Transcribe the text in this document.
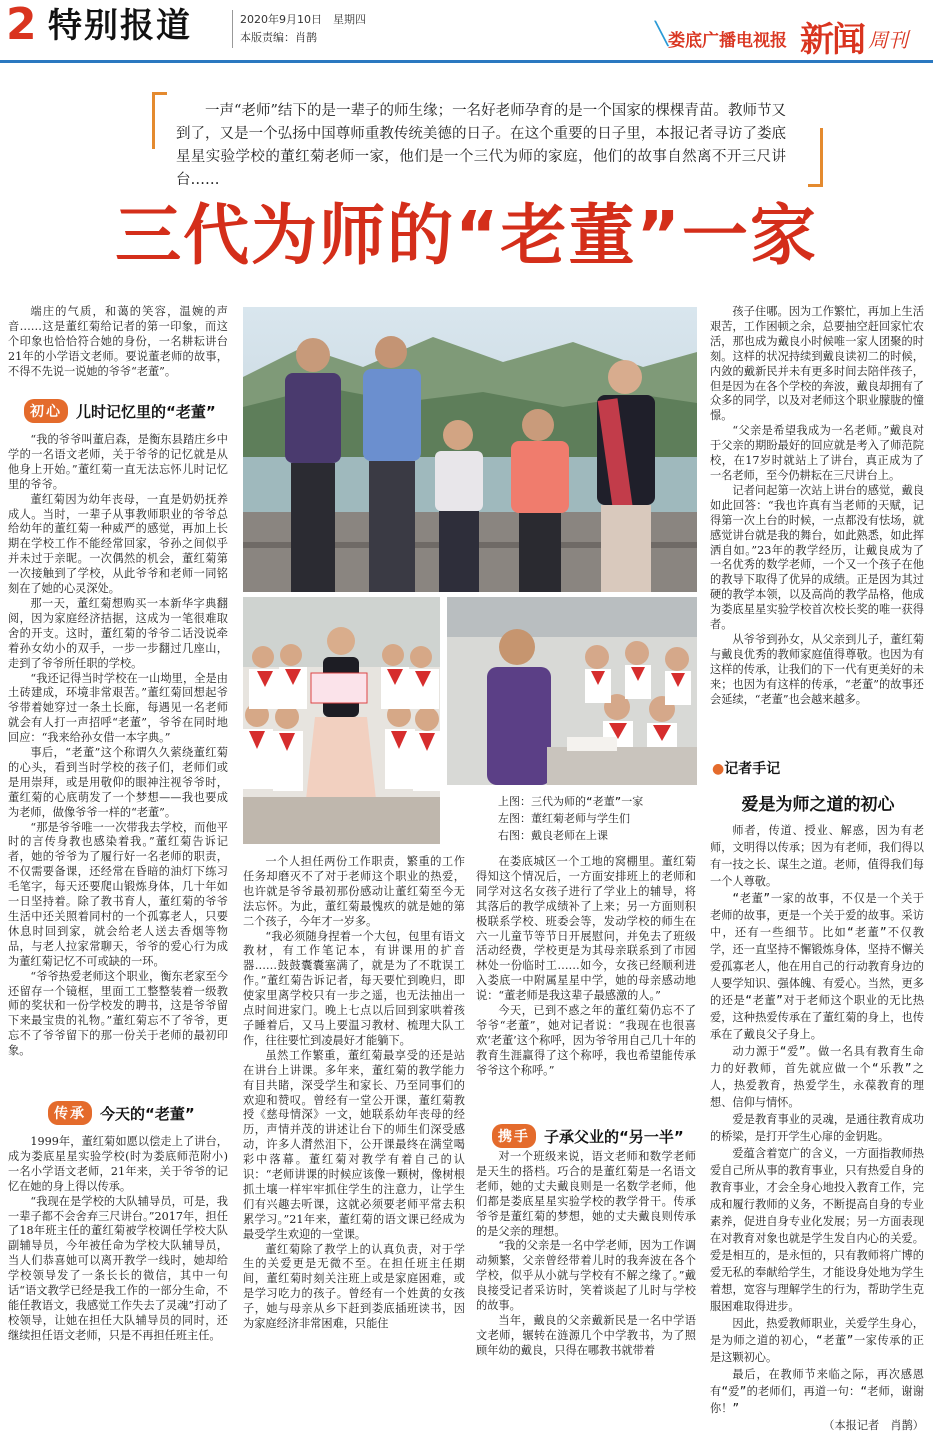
2 特别报道	2020年9月10日　星期四
本版责编：肖鹊	╲ 娄底广播电视报 新闻 周刊
一声“老师”结下的是一辈子的师生缘；一名好老师孕育的是一个国家的棵棵青苗。教师节又到了，又是一个弘扬中国尊师重教传统美德的日子。在这个重要的日子里，本报记者寻访了娄底星星实验学校的董红菊老师一家，他们是一个三代为师的家庭，他们的故事自然离不开三尺讲台……
三代为师的“老董”一家

端庄的气质，和蔼的笑容，温婉的声音……这是董红菊给记者的第一印象，而这个印象也恰恰符合她的身份，一名耕耘讲台21年的小学语文老师。要说董老师的故事，不得不先说一说她的爷爷“老董”。

初心 儿时记忆里的“老董”

“我的爷爷叫董启森，是衡东县踏庄乡中学的一名语文老师，关于爷爷的记忆就是从他身上开始。”董红菊一直无法忘怀儿时记忆里的爷爷。

董红菊因为幼年丧母，一直是奶奶抚养成人。当时，一辈子从事教师职业的爷爷总给幼年的董红菊一种威严的感觉，再加上长期在学校工作不能经常回家，爷孙之间似乎并未过于亲昵。一次偶然的机会，董红菊第一次接触到了学校，从此爷爷和老师一同铭刻在了她的心灵深处。

那一天，董红菊想购买一本新华字典翻阅，因为家庭经济拮据，这成为一笔很难取舍的开支。这时，董红菊的爷爷二话没说牵着孙女幼小的双手，一步一步翻过几座山，走到了爷爷所任职的学校。

“我还记得当时学校在一山坳里，全是由土砖建成，环境非常艰苦。”董红菊回想起爷爷带着她穿过一条土长廊，每遇见一名老师就会有人打一声招呼“老董”，爷爷在同时地回应：“我来给孙女借一本字典。”

事后，“老董”这个称谓久久萦绕董红菊的心头，看到当时学校的孩子们，老师们或是用崇拜，或是用敬仰的眼神注视爷爷时，董红菊的心底萌发了一个梦想——我也要成为老师，做像爷爷一样的“老董”。

“那是爷爷唯一一次带我去学校，而他平时的言传身教也感染着我。”董红菊告诉记者，她的爷爷为了履行好一名老师的职责，不仅需要备课，还经常在昏暗的油灯下练习毛笔字，每天还要爬山锻炼身体，几十年如一日坚持着。除了教书育人，董红菊的爷爷生活中还关照着同村的一个孤寡老人，只要休息时回到家，就会给老人送去香烟等物品，与老人拉家常聊天，爷爷的爱心行为成为董红菊记忆不可或缺的一环。

“爷爷热爱老师这个职业，衡东老家至今还留存一个镜框，里面工工整整装着一级教师的奖状和一份学校发的聘书，这是爷爷留下来最宝贵的礼物。”董红菊忘不了爷爷，更忘不了爷爷留下的那一份关于老师的最初印象。

传承 今天的“老董”

1999年，董红菊如愿以偿走上了讲台，成为娄底星星实验学校(时为娄底师范附小)一名小学语文老师，21年来，关于爷爷的记忆在她的身上得以传承。

“我现在是学校的大队辅导员，可是，我一辈子都不会舍弃三尺讲台。”2017年，担任了18年班主任的董红菊被学校调任学校大队副辅导员，今年被任命为学校大队辅导员，当人们恭喜她可以离开教学一线时，她却给学校领导发了一条长长的微信，其中一句话“语文教学已经是我工作的一部分生命，不能任教语文，我感觉工作失去了灵魂”打动了校领导，让她在担任大队辅导员的同时，还继续担任语文老师，只是不再担任班主任。

上图：三代为师的“老董”一家
左图：董红菊老师与学生们
右图：戴良老师在上课

一个人担任两份工作职责，繁重的工作任务却磨灭不了对于老师这个职业的热爱，也许就是爷爷最初那份感动让董红菊至今无法忘怀。为此，董红菊最愧疚的就是她的第二个孩子，今年才一岁多。

“我必须随身捏着一个大包，包里有语文教材，有工作笔记本，有讲课用的扩音器……鼓鼓囊囊塞满了，就是为了不耽误工作。”董红菊告诉记者，每天要忙到晚归，即使家里离学校只有一步之遥，也无法抽出一点时间进家门。晚上七点以后回到家哄着孩子睡着后，又马上要温习教材、梳理大队工作，往往要忙到凌晨好才能躺下。

虽然工作繁重，董红菊最享受的还是站在讲台上讲课。多年来，董红菊的教学能力有目共睹，深受学生和家长、乃至同事们的欢迎和赞叹。曾经有一堂公开课，董红菊教授《慈母情深》一文，她联系幼年丧母的经历，声情并茂的讲述让台下的师生们深受感动，许多人潸然泪下，公开课最终在满堂喝彩中落幕。董红菊对教学有着自己的认识：“老师讲课的时候应该像一颗树，像树根抓土壤一样牢牢抓住学生的注意力，让学生们有兴趣去听课，这就必须要老师平常去积累学习。”21年来，董红菊的语文课已经成为最受学生欢迎的一堂课。

董红菊除了教学上的认真负责，对于学生的关爱更是无微不至。在担任班主任期间，董红菊时刻关注班上或是家庭困难，或是学习吃力的孩子。曾经有一个姓黄的女孩子，她与母亲从乡下赶到娄底插班读书，因为家庭经济非常困难，只能住

在娄底城区一个工地的窝棚里。董红菊得知这个情况后，一方面安排班上的老师和同学对这名女孩子进行了学业上的辅导，将其落后的教学成绩补了上来；另一方面则积极联系学校、班委会等，发动学校的师生在六一儿童节等节日开展慰问，并免去了班级活动经费，学校更是为其母亲联系到了市园林处一份临时工……如今，女孩已经顺利进入娄底一中附属星星中学，她的母亲感动地说：“董老师是我这辈子最感激的人。”

今天，已到不惑之年的董红菊仍忘不了爷爷“老董”，她对记者说：“我现在也很喜欢‘老董’这个称呼，因为爷爷用自己几十年的教育生涯赢得了这个称呼，我也希望能传承爷爷这个称呼。”

携手 子承父业的“另一半”

对一个班级来说，语文老师和数学老师是天生的搭档。巧合的是董红菊是一名语文老师，她的丈夫戴良则是一名数学老师，他们都是娄底星星实验学校的教学骨干。传承爷爷是董红菊的梦想，她的丈夫戴良则传承的是父亲的理想。

“我的父亲是一名中学老师，因为工作调动频繁，父亲曾经带着儿时的我奔波在各个学校，似乎从小就与学校有不解之缘了。”戴良接受记者采访时，笑着谈起了儿时与学校的故事。

当年，戴良的父亲戴新民是一名中学语文老师，辗转在涟源几个中学教书，为了照顾年幼的戴良，只得在哪教书就带着

孩子住哪。因为工作繁忙，再加上生活艰苦，工作困顿之余，总要抽空赶回家忙农活，那也成为戴良小时候唯一家人团聚的时刻。这样的状况持续到戴良读初二的时候，内敛的戴新民并未有更多时间去陪伴孩子，但是因为在各个学校的奔波，戴良却拥有了众多的同学，以及对老师这个职业朦胧的憧憬。

“父亲是希望我成为一名老师。”戴良对于父亲的期盼最好的回应就是考入了师范院校，在17岁时就站上了讲台，真正成为了一名老师，至今仍耕耘在三尺讲台上。

记者问起第一次站上讲台的感觉，戴良如此回答：“我也许真有当老师的天赋，记得第一次上台的时候，一点都没有怯场，就感觉讲台就是我的舞台，如此熟悉，如此挥洒自如。”23年的教学经历，让戴良成为了一名优秀的数学老师，一个又一个孩子在他的教导下取得了优异的成绩。正是因为其过硬的教学本领，以及高尚的教学品格，他成为娄底星星实验学校首次校长奖的唯一获得者。

从爷爷到孙女，从父亲到儿子，董红菊与戴良优秀的教师家庭值得尊敬。也因为有这样的传承，让我们的下一代有更美好的未来；也因为有这样的传承，“老董”的故事还会延续，“老董”也会越来越多。

●记者手记
爱是为师之道的初心

师者，传道、授业、解惑，因为有老师，文明得以传承；因为有老师，我们得以有一技之长、谋生之道。老师，值得我们每一个人尊敬。

“老董”一家的故事，不仅是一个关于老师的故事，更是一个关于爱的故事。采访中，还有一些细节。比如“老董”不仅教学，还一直坚持不懈锻炼身体，坚持不懈关爱孤寡老人，他在用自己的行动教育身边的人要学知识、强体魄、有爱心。当然，更多的还是“老董”对于老师这个职业的无比热爱，这种热爱传承在了董红菊的身上，也传承在了戴良父子身上。

动力源于“爱”。做一名具有教育生命力的好教师，首先就应做一个“乐教”之人，热爱教育，热爱学生，永葆教育的理想、信仰与情怀。

爱是教育事业的灵魂，是通往教育成功的桥梁，是打开学生心扉的金钥匙。

爱蕴含着宽广的含义，一方面指教师热爱自己所从事的教育事业，只有热爱自身的教育事业，才会全身心地投入教育工作，完成和履行教师的义务，不断提高自身的专业素养，促进自身专业化发展；另一方面表现在对教育对象也就是学生发自内心的关爱。爱是相互的，是永恒的，只有教师将广博的爱无私的奉献给学生，才能设身处地为学生着想，宽容与理解学生的行为，帮助学生克服困难取得进步。

因此，热爱教师职业，关爱学生身心，是为师之道的初心，“老董”一家传承的正是这颗初心。

最后，在教师节来临之际，再次感恩有“爱”的老师们，再道一句：“老师，谢谢你！”

（本报记者　肖鹊）
